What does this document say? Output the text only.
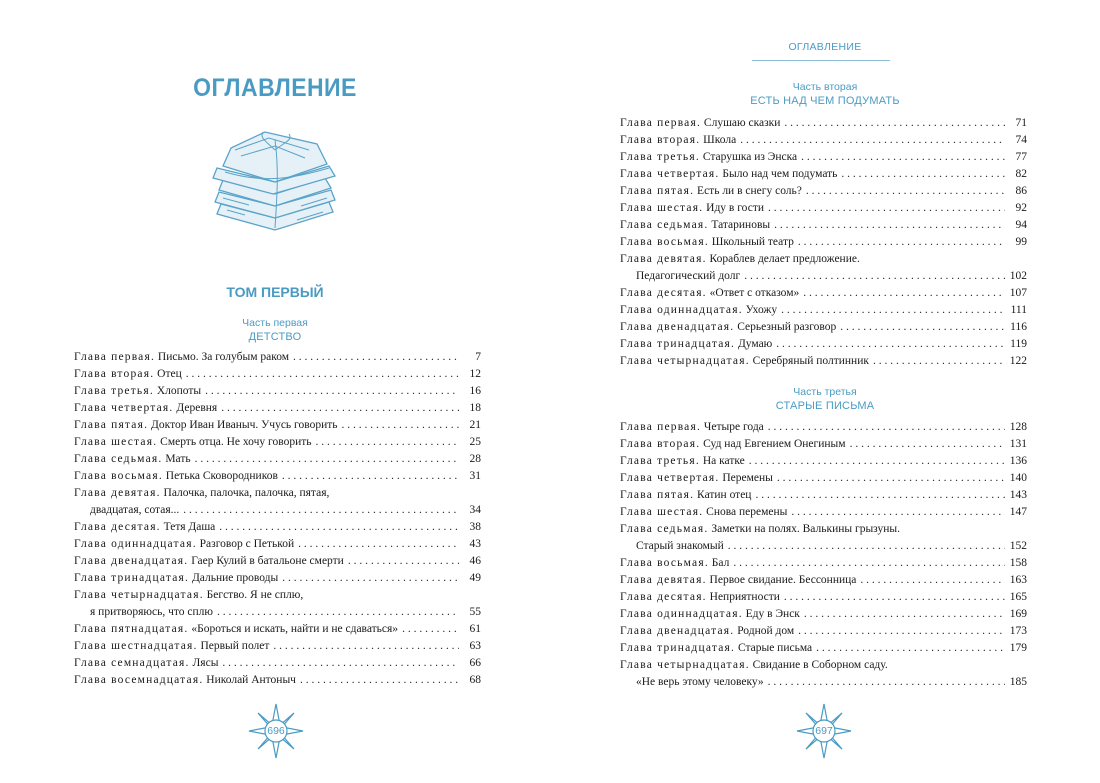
ОГЛАВЛЕНИЕ
ТОМ ПЕРВЫЙ
Часть первая
ДЕТСТВО
Глава первая. Письмо. За голубым раком . . .	7
Глава вторая. Отец . . .	12
Глава третья. Хлопоты . . .	16
Глава четвертая. Деревня . . .	18
Глава пятая. Доктор Иван Иваныч. Учусь говорить . . .	21
Глава шестая. Смерть отца. Не хочу говорить . . .	25
Глава седьмая. Мать . . .	28
Глава восьмая. Петька Сковородников . . .	31
Глава девятая. Палочка, палочка, палочка, пятая,
двадцатая, сотая... . . .	34
Глава десятая. Тетя Даша . . .	38
Глава одиннадцатая. Разговор с Петькой . . .	43
Глава двенадцатая. Гаер Кулий в батальоне смерти . . .	46
Глава тринадцатая. Дальние проводы . . .	49
Глава четырнадцатая. Бегство. Я не сплю,
я притворяюсь, что сплю . . .	55
Глава пятнадцатая. «Бороться и искать, найти и не сдаваться» . . .	61
Глава шестнадцатая. Первый полет . . .	63
Глава семнадцатая. Лясы . . .	66
Глава восемнадцатая. Николай Антоныч . . .	68
696
ОГЛАВЛЕНИЕ
Часть вторая
ЕСТЬ НАД ЧЕМ ПОДУМАТЬ
Глава первая. Слушаю сказки . . .	71
Глава вторая. Школа . . .	74
Глава третья. Старушка из Энска . . .	77
Глава четвертая. Было над чем подумать . . .	82
Глава пятая. Есть ли в снегу соль? . . .	86
Глава шестая. Иду в гости . . .	92
Глава седьмая. Татариновы . . .	94
Глава восьмая. Школьный театр . . .	99
Глава девятая. Кораблев делает предложение.
Педагогический долг . . .	102
Глава десятая. «Ответ с отказом» . . .	107
Глава одиннадцатая. Ухожу . . .	111
Глава двенадцатая. Серьезный разговор . . .	116
Глава тринадцатая. Думаю . . .	119
Глава четырнадцатая. Серебряный полтинник . . .	122
Часть третья
СТАРЫЕ ПИСЬМА
Глава первая. Четыре года . . .	128
Глава вторая. Суд над Евгением Онегиным . . .	131
Глава третья. На катке . . .	136
Глава четвертая. Перемены . . .	140
Глава пятая. Катин отец . . .	143
Глава шестая. Снова перемены . . .	147
Глава седьмая. Заметки на полях. Валькины грызуны.
Старый знакомый . . .	152
Глава восьмая. Бал . . .	158
Глава девятая. Первое свидание. Бессонница . . .	163
Глава десятая. Неприятности . . .	165
Глава одиннадцатая. Еду в Энск . . .	169
Глава двенадцатая. Родной дом . . .	173
Глава тринадцатая. Старые письма . . .	179
Глава четырнадцатая. Свидание в Соборном саду.
«Не верь этому человеку» . . .	185
697
